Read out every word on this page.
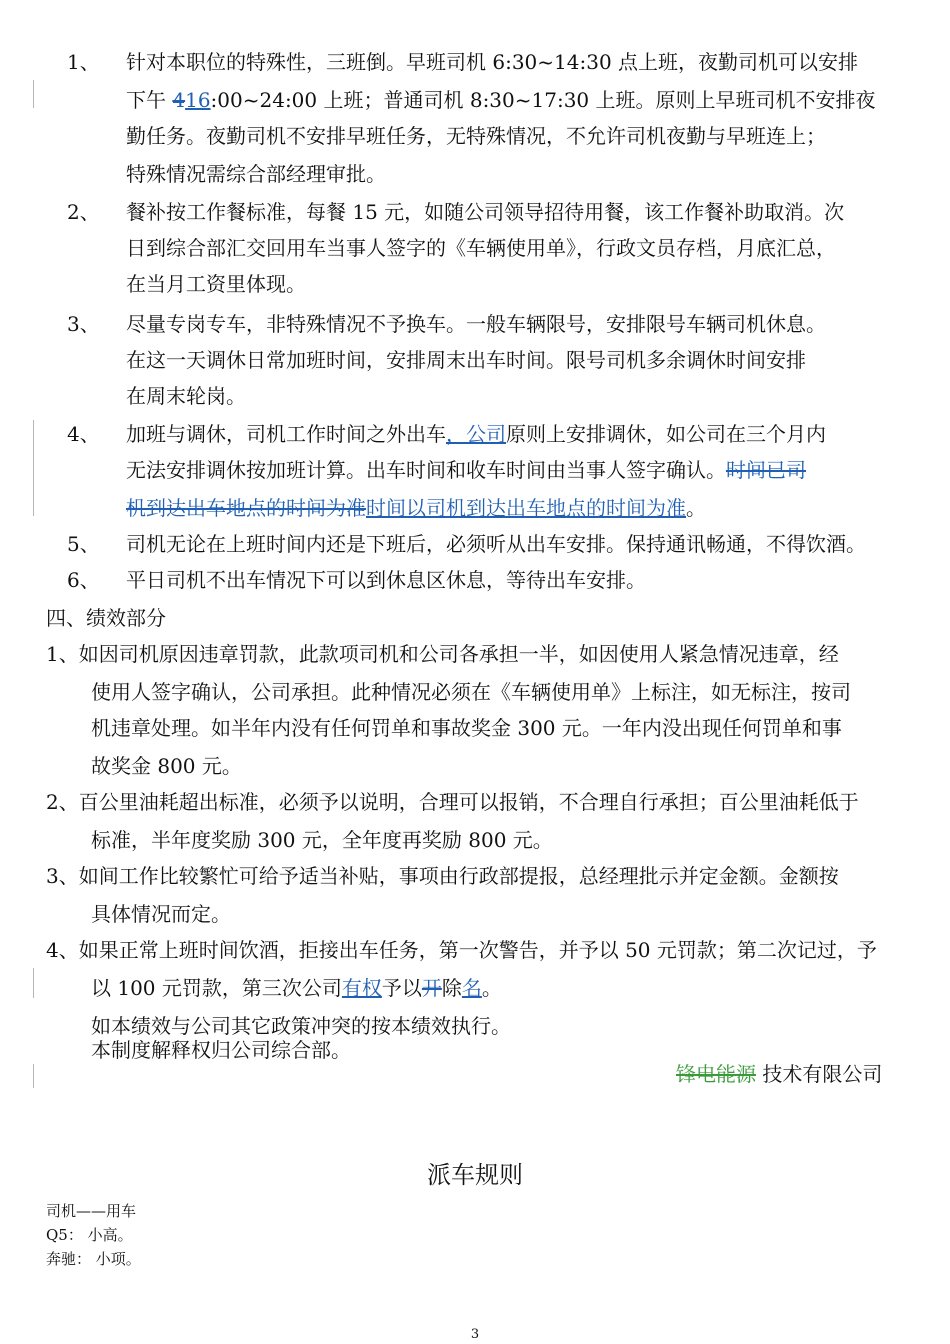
1、 针对本职位的特殊性，三班倒。早班司机 6:30~14:30 点上班，夜勤司机可以安排
下午 416:00~24:00 上班；普通司机 8:30~17:30 上班。原则上早班司机不安排夜
勤任务。夜勤司机不安排早班任务，无特殊情况，不允许司机夜勤与早班连上；
特殊情况需综合部经理审批。
2、 餐补按工作餐标准，每餐 15 元，如随公司领导招待用餐，该工作餐补助取消。次
日到综合部汇交回用车当事人签字的《车辆使用单》，行政文员存档，月底汇总，
在当月工资里体现。
3、 尽量专岗专车，非特殊情况不予换车。一般车辆限号，安排限号车辆司机休息。
在这一天调休日常加班时间，安排周末出车时间。限号司机多余调休时间安排
在周末轮岗。
4、 加班与调休，司机工作时间之外出车，公司原则上安排调休，如公司在三个月内
无法安排调休按加班计算。出车时间和收车时间由当事人签字确认。时间已司
机到达出车地点的时间为准时间以司机到达出车地点的时间为准。
5、 司机无论在上班时间内还是下班后，必须听从出车安排。保持通讯畅通，不得饮酒。
6、 平日司机不出车情况下可以到休息区休息，等待出车安排。
四、绩效部分
1、如因司机原因违章罚款，此款项司机和公司各承担一半，如因使用人紧急情况违章，经
使用人签字确认，公司承担。此种情况必须在《车辆使用单》上标注，如无标注，按司
机违章处理。如半年内没有任何罚单和事故奖金 300 元。一年内没出现任何罚单和事
故奖金 800 元。
2、百公里油耗超出标准，必须予以说明，合理可以报销，不合理自行承担；百公里油耗低于
标准，半年度奖励 300 元，全年度再奖励 800 元。
3、如间工作比较繁忙可给予适当补贴，事项由行政部提报，总经理批示并定金额。金额按
具体情况而定。
4、如果正常上班时间饮酒，拒接出车任务，第一次警告，并予以 50 元罚款；第二次记过，予
以 100 元罚款，第三次公司有权予以开除名。
如本绩效与公司其它政策冲突的按本绩效执行。
本制度解释权归公司综合部。
锋电能源 技术有限公司
派车规则
司机——用车
Q5： 小高。
奔驰： 小项。
3
